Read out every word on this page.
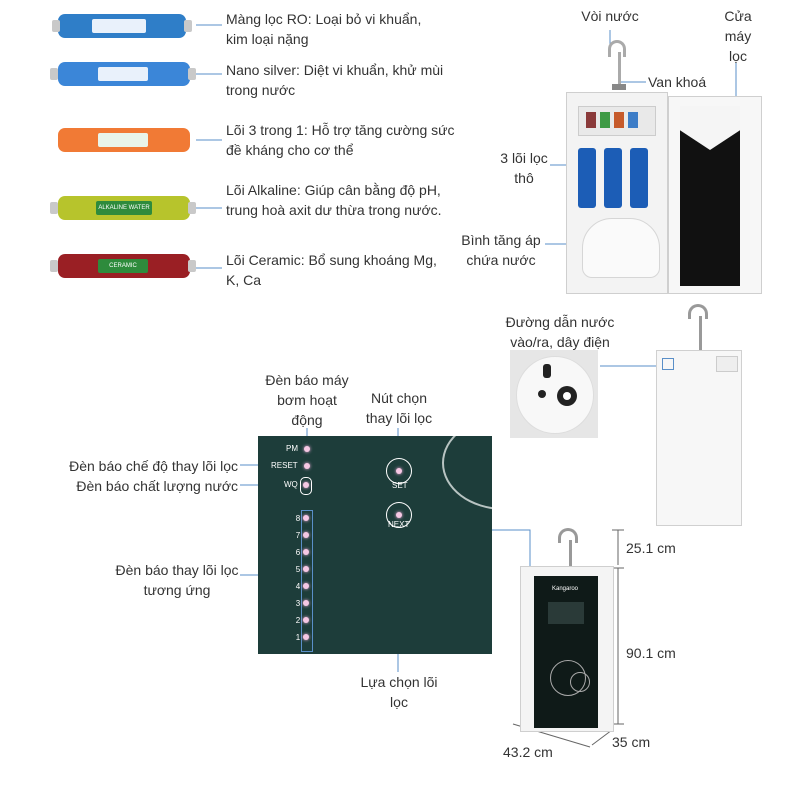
ALKALINE WATER
CERAMIC
Màng lọc RO: Loại bỏ vi khuẩn, kim loại nặng
Nano silver: Diệt vi khuẩn, khử mùi trong nước
Lõi 3 trong 1: Hỗ trợ tăng cường sức đề kháng cho cơ thể
Lõi Alkaline: Giúp cân bằng độ pH, trung hoà axit dư thừa trong nước.
Lõi Ceramic: Bổ sung khoáng Mg, K, Ca
Vòi nước
Van khoá
Cửa máy lọc
3 lõi lọc thô
Bình tăng áp chứa nước
Đường dẫn nước vào/ra, dây điện
PM
RESET
WQ	SET
NEXT
8
7
6
5
4
3
2
1
Đèn báo máy bơm hoạt động
Đèn báo chế độ thay lõi lọc
Đèn báo chất lượng nước
Đèn báo thay lõi lọc tương ứng
Nút chọn thay lõi lọc
Lựa chọn lõi lọc
Kangaroo
25.1 cm
90.1 cm
43.2 cm
35 cm
